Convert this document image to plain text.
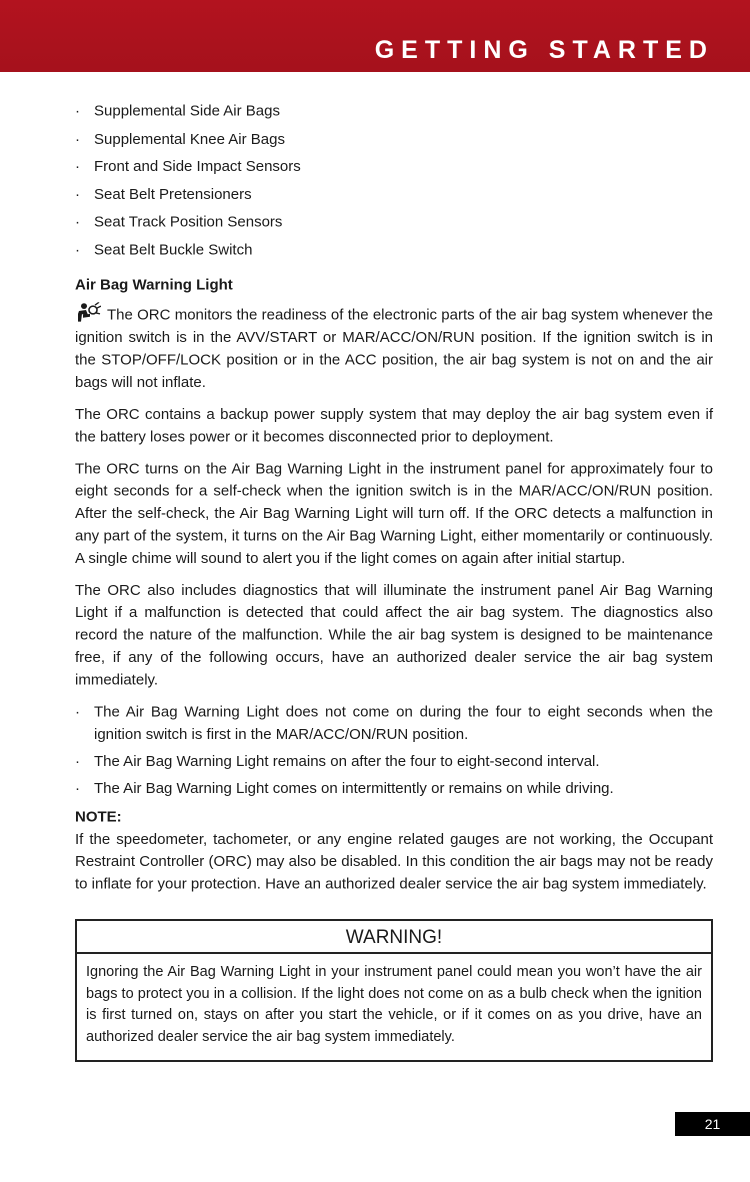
GETTING STARTED
· Supplemental Side Air Bags
· Supplemental Knee Air Bags
· Front and Side Impact Sensors
· Seat Belt Pretensioners
· Seat Track Position Sensors
· Seat Belt Buckle Switch
Air Bag Warning Light

The ORC monitors the readiness of the electronic parts of the air bag system whenever the ignition switch is in the AVV/START or MAR/ACC/ON/RUN position. If the ignition switch is in the STOP/OFF/LOCK position or in the ACC position, the air bag system is not on and the air bags will not inflate.

The ORC contains a backup power supply system that may deploy the air bag system even if the battery loses power or it becomes disconnected prior to deployment.

The ORC turns on the Air Bag Warning Light in the instrument panel for approximately four to eight seconds for a self-check when the ignition switch is in the MAR/ACC/ON/RUN position. After the self-check, the Air Bag Warning Light will turn off. If the ORC detects a malfunction in any part of the system, it turns on the Air Bag Warning Light, either momentarily or continuously. A single chime will sound to alert you if the light comes on again after initial startup.

The ORC also includes diagnostics that will illuminate the instrument panel Air Bag Warning Light if a malfunction is detected that could affect the air bag system. The diagnostics also record the nature of the malfunction. While the air bag system is designed to be maintenance free, if any of the following occurs, have an authorized dealer service the air bag system immediately.

· The Air Bag Warning Light does not come on during the four to eight seconds when the ignition switch is first in the MAR/ACC/ON/RUN position.
· The Air Bag Warning Light remains on after the four to eight-second interval.
· The Air Bag Warning Light comes on intermittently or remains on while driving.
NOTE:

If the speedometer, tachometer, or any engine related gauges are not working, the Occupant Restraint Controller (ORC) may also be disabled. In this condition the air bags may not be ready to inflate for your protection. Have an authorized dealer service the air bag system immediately.

WARNING!
Ignoring the Air Bag Warning Light in your instrument panel could mean you won’t have the air bags to protect you in a collision. If the light does not come on as a bulb check when the ignition is first turned on, stays on after you start the vehicle, or if it comes on as you drive, have an authorized dealer service the air bag system immediately.
21
